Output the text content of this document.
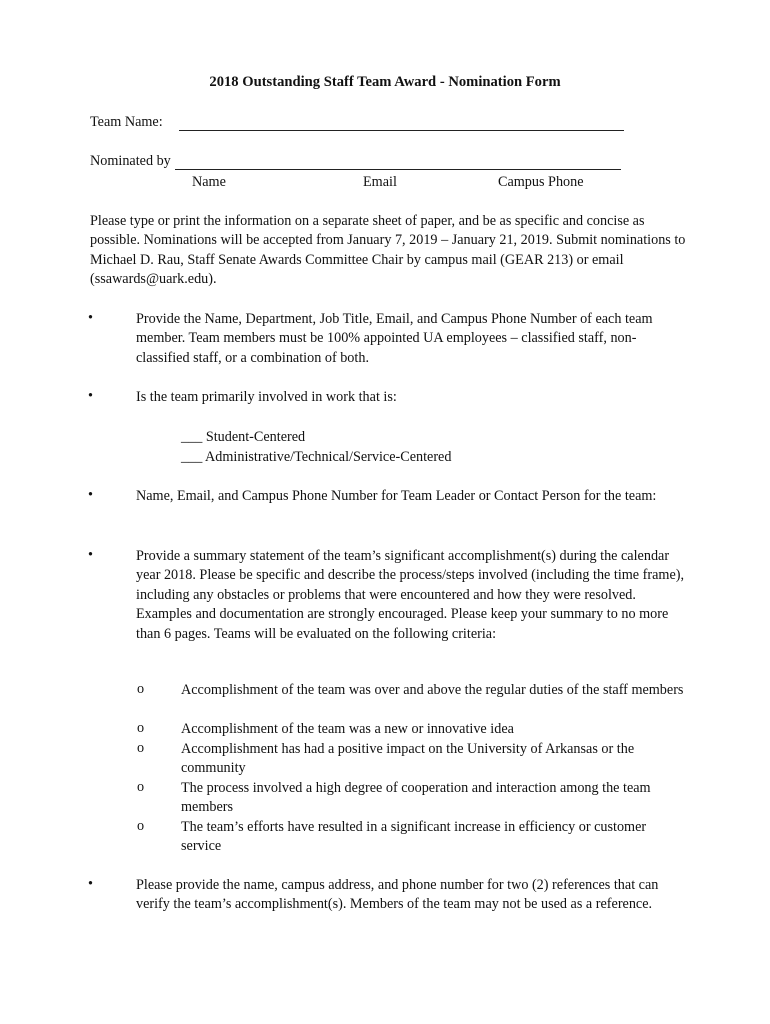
2018 Outstanding Staff Team Award - Nomination Form
Team Name:
Nominated by
Name	Email	Campus Phone
Please type or print the information on a separate sheet of paper, and be as specific and concise as possible. Nominations will be accepted from January 7, 2019 – January 21, 2019. Submit nominations to Michael D. Rau, Staff Senate Awards Committee Chair by campus mail (GEAR 213) or email (ssawards@uark.edu).
•	Provide the Name, Department, Job Title, Email, and Campus Phone Number of each team member. Team members must be 100% appointed UA employees – classified staff, non-classified staff, or a combination of both.
•	Is the team primarily involved in work that is:
___ Student-Centered
___ Administrative/Technical/Service-Centered
•	Name, Email, and Campus Phone Number for Team Leader or Contact Person for the team:
•	Provide a summary statement of the team’s significant accomplishment(s) during the calendar year 2018. Please be specific and describe the process/steps involved (including the time frame), including any obstacles or problems that were encountered and how they were resolved. Examples and documentation are strongly encouraged. Please keep your summary to no more than 6 pages. Teams will be evaluated on the following criteria:
o	Accomplishment of the team was over and above the regular duties of the staff members
o	Accomplishment of the team was a new or innovative idea
o	Accomplishment has had a positive impact on the University of Arkansas or the community
o	The process involved a high degree of cooperation and interaction among the team members
o	The team’s efforts have resulted in a significant increase in efficiency or customer service
•	Please provide the name, campus address, and phone number for two (2) references that can verify the team’s accomplishment(s). Members of the team may not be used as a reference.
